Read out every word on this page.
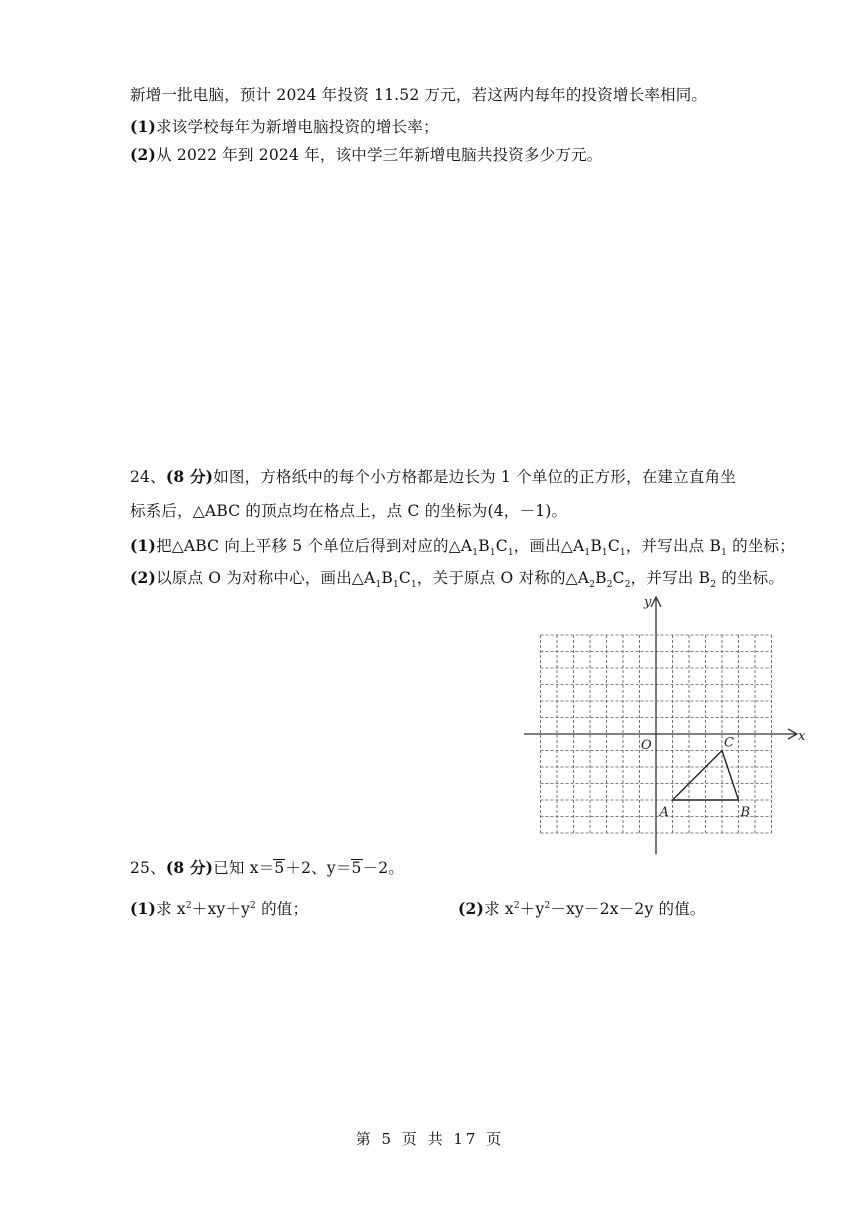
新增一批电脑，预计 2024 年投资 11.52 万元，若这两内每年的投资增长率相同。
(1)求该学校每年为新增电脑投资的增长率；
(2)从 2022 年到 2024 年，该中学三年新增电脑共投资多少万元。
24、(8 分)如图，方格纸中的每个小方格都是边长为 1 个单位的正方形，在建立直角坐
标系后，△ABC 的顶点均在格点上，点 C 的坐标为(4，－1)。
(1)把△ABC 向上平移 5 个单位后得到对应的$\triangle A_1B_1C_1$，画出$\triangle A_1B_1C_1$，并写出点 $B_1$ 的坐标；
(2)以原点 O 为对称中心，画出$\triangle A_1B_1C_1$，关于原点 O 对称的$\triangle A_2B_2C_2$，并写出 $B_2$ 的坐标。
x
y
O
A	B
C
25、(8 分)已知 x＝5＋2、y＝5－2。
(1)求 $x^2+xy+y^2$ 的值；	(2)求 $x^2+y^2-xy-2x-2y$ 的值。
第 5 页 共 17 页
